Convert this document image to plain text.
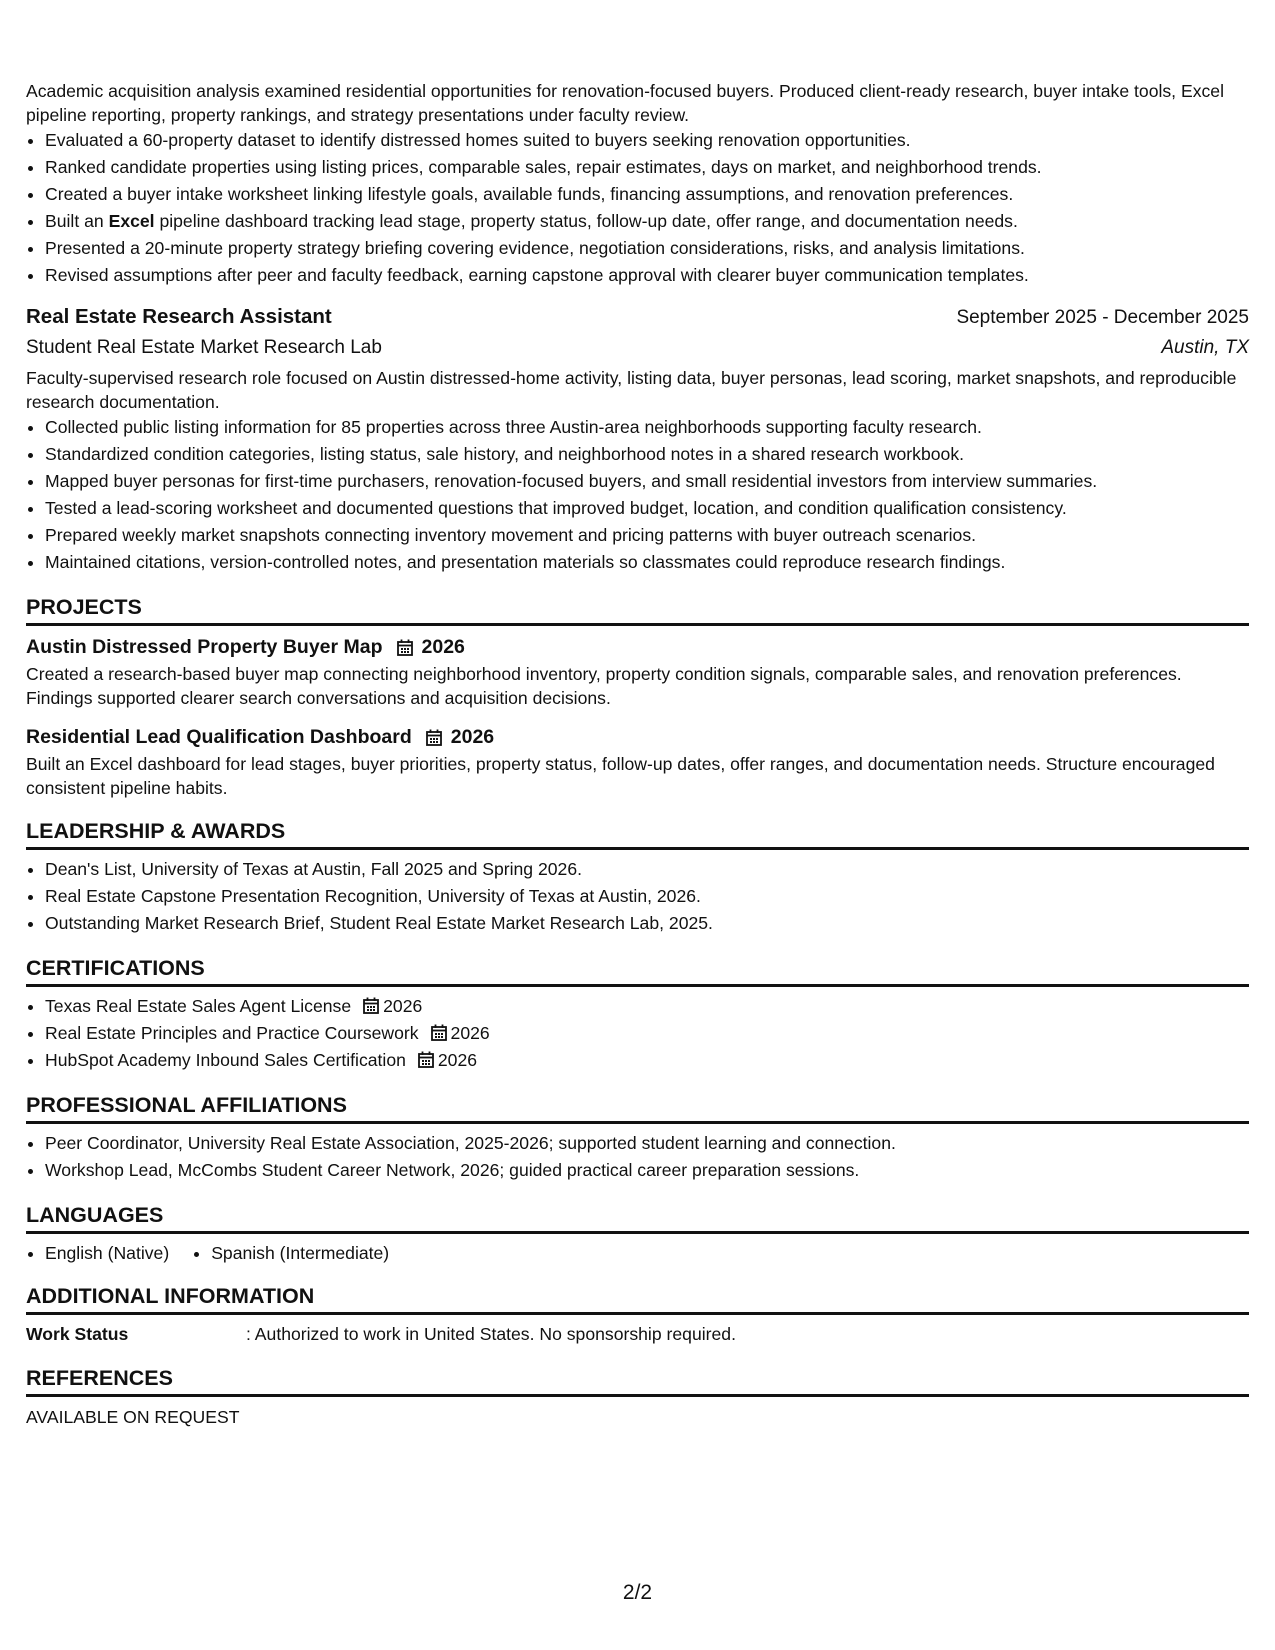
Academic acquisition analysis examined residential opportunities for renovation-focused buyers. Produced client-ready research, buyer intake tools, Excel pipeline reporting, property rankings, and strategy presentations under faculty review.

• Evaluated a 60-property dataset to identify distressed homes suited to buyers seeking renovation opportunities.
• Ranked candidate properties using listing prices, comparable sales, repair estimates, days on market, and neighborhood trends.
• Created a buyer intake worksheet linking lifestyle goals, available funds, financing assumptions, and renovation preferences.
• Built an Excel pipeline dashboard tracking lead stage, property status, follow-up date, offer range, and documentation needs.
• Presented a 20-minute property strategy briefing covering evidence, negotiation considerations, risks, and analysis limitations.
• Revised assumptions after peer and faculty feedback, earning capstone approval with clearer buyer communication templates.
Real Estate Research Assistant	September 2025 - December 2025
Student Real Estate Market Research Lab	Austin, TX

Faculty-supervised research role focused on Austin distressed-home activity, listing data, buyer personas, lead scoring, market snapshots, and reproducible research documentation.

• Collected public listing information for 85 properties across three Austin-area neighborhoods supporting faculty research.
• Standardized condition categories, listing status, sale history, and neighborhood notes in a shared research workbook.
• Mapped buyer personas for first-time purchasers, renovation-focused buyers, and small residential investors from interview summaries.
• Tested a lead-scoring worksheet and documented questions that improved budget, location, and condition qualification consistency.
• Prepared weekly market snapshots connecting inventory movement and pricing patterns with buyer outreach scenarios.
• Maintained citations, version-controlled notes, and presentation materials so classmates could reproduce research findings.
PROJECTS
Austin Distressed Property Buyer Map 2026

Created a research-based buyer map connecting neighborhood inventory, property condition signals, comparable sales, and renovation preferences. Findings supported clearer search conversations and acquisition decisions.

Residential Lead Qualification Dashboard 2026

Built an Excel dashboard for lead stages, buyer priorities, property status, follow-up dates, offer ranges, and documentation needs. Structure encouraged consistent pipeline habits.

LEADERSHIP & AWARDS
• Dean's List, University of Texas at Austin, Fall 2025 and Spring 2026.
• Real Estate Capstone Presentation Recognition, University of Texas at Austin, 2026.
• Outstanding Market Research Brief, Student Real Estate Market Research Lab, 2025.
CERTIFICATIONS
• Texas Real Estate Sales Agent License 2026
• Real Estate Principles and Practice Coursework 2026
• HubSpot Academy Inbound Sales Certification 2026
PROFESSIONAL AFFILIATIONS
• Peer Coordinator, University Real Estate Association, 2025-2026; supported student learning and connection.
• Workshop Lead, McCombs Student Career Network, 2026; guided practical career preparation sessions.
LANGUAGES
• English (Native)
• Spanish (Intermediate)
ADDITIONAL INFORMATION
Work Status	: Authorized to work in United States. No sponsorship required.
REFERENCES

AVAILABLE ON REQUEST

2/2
